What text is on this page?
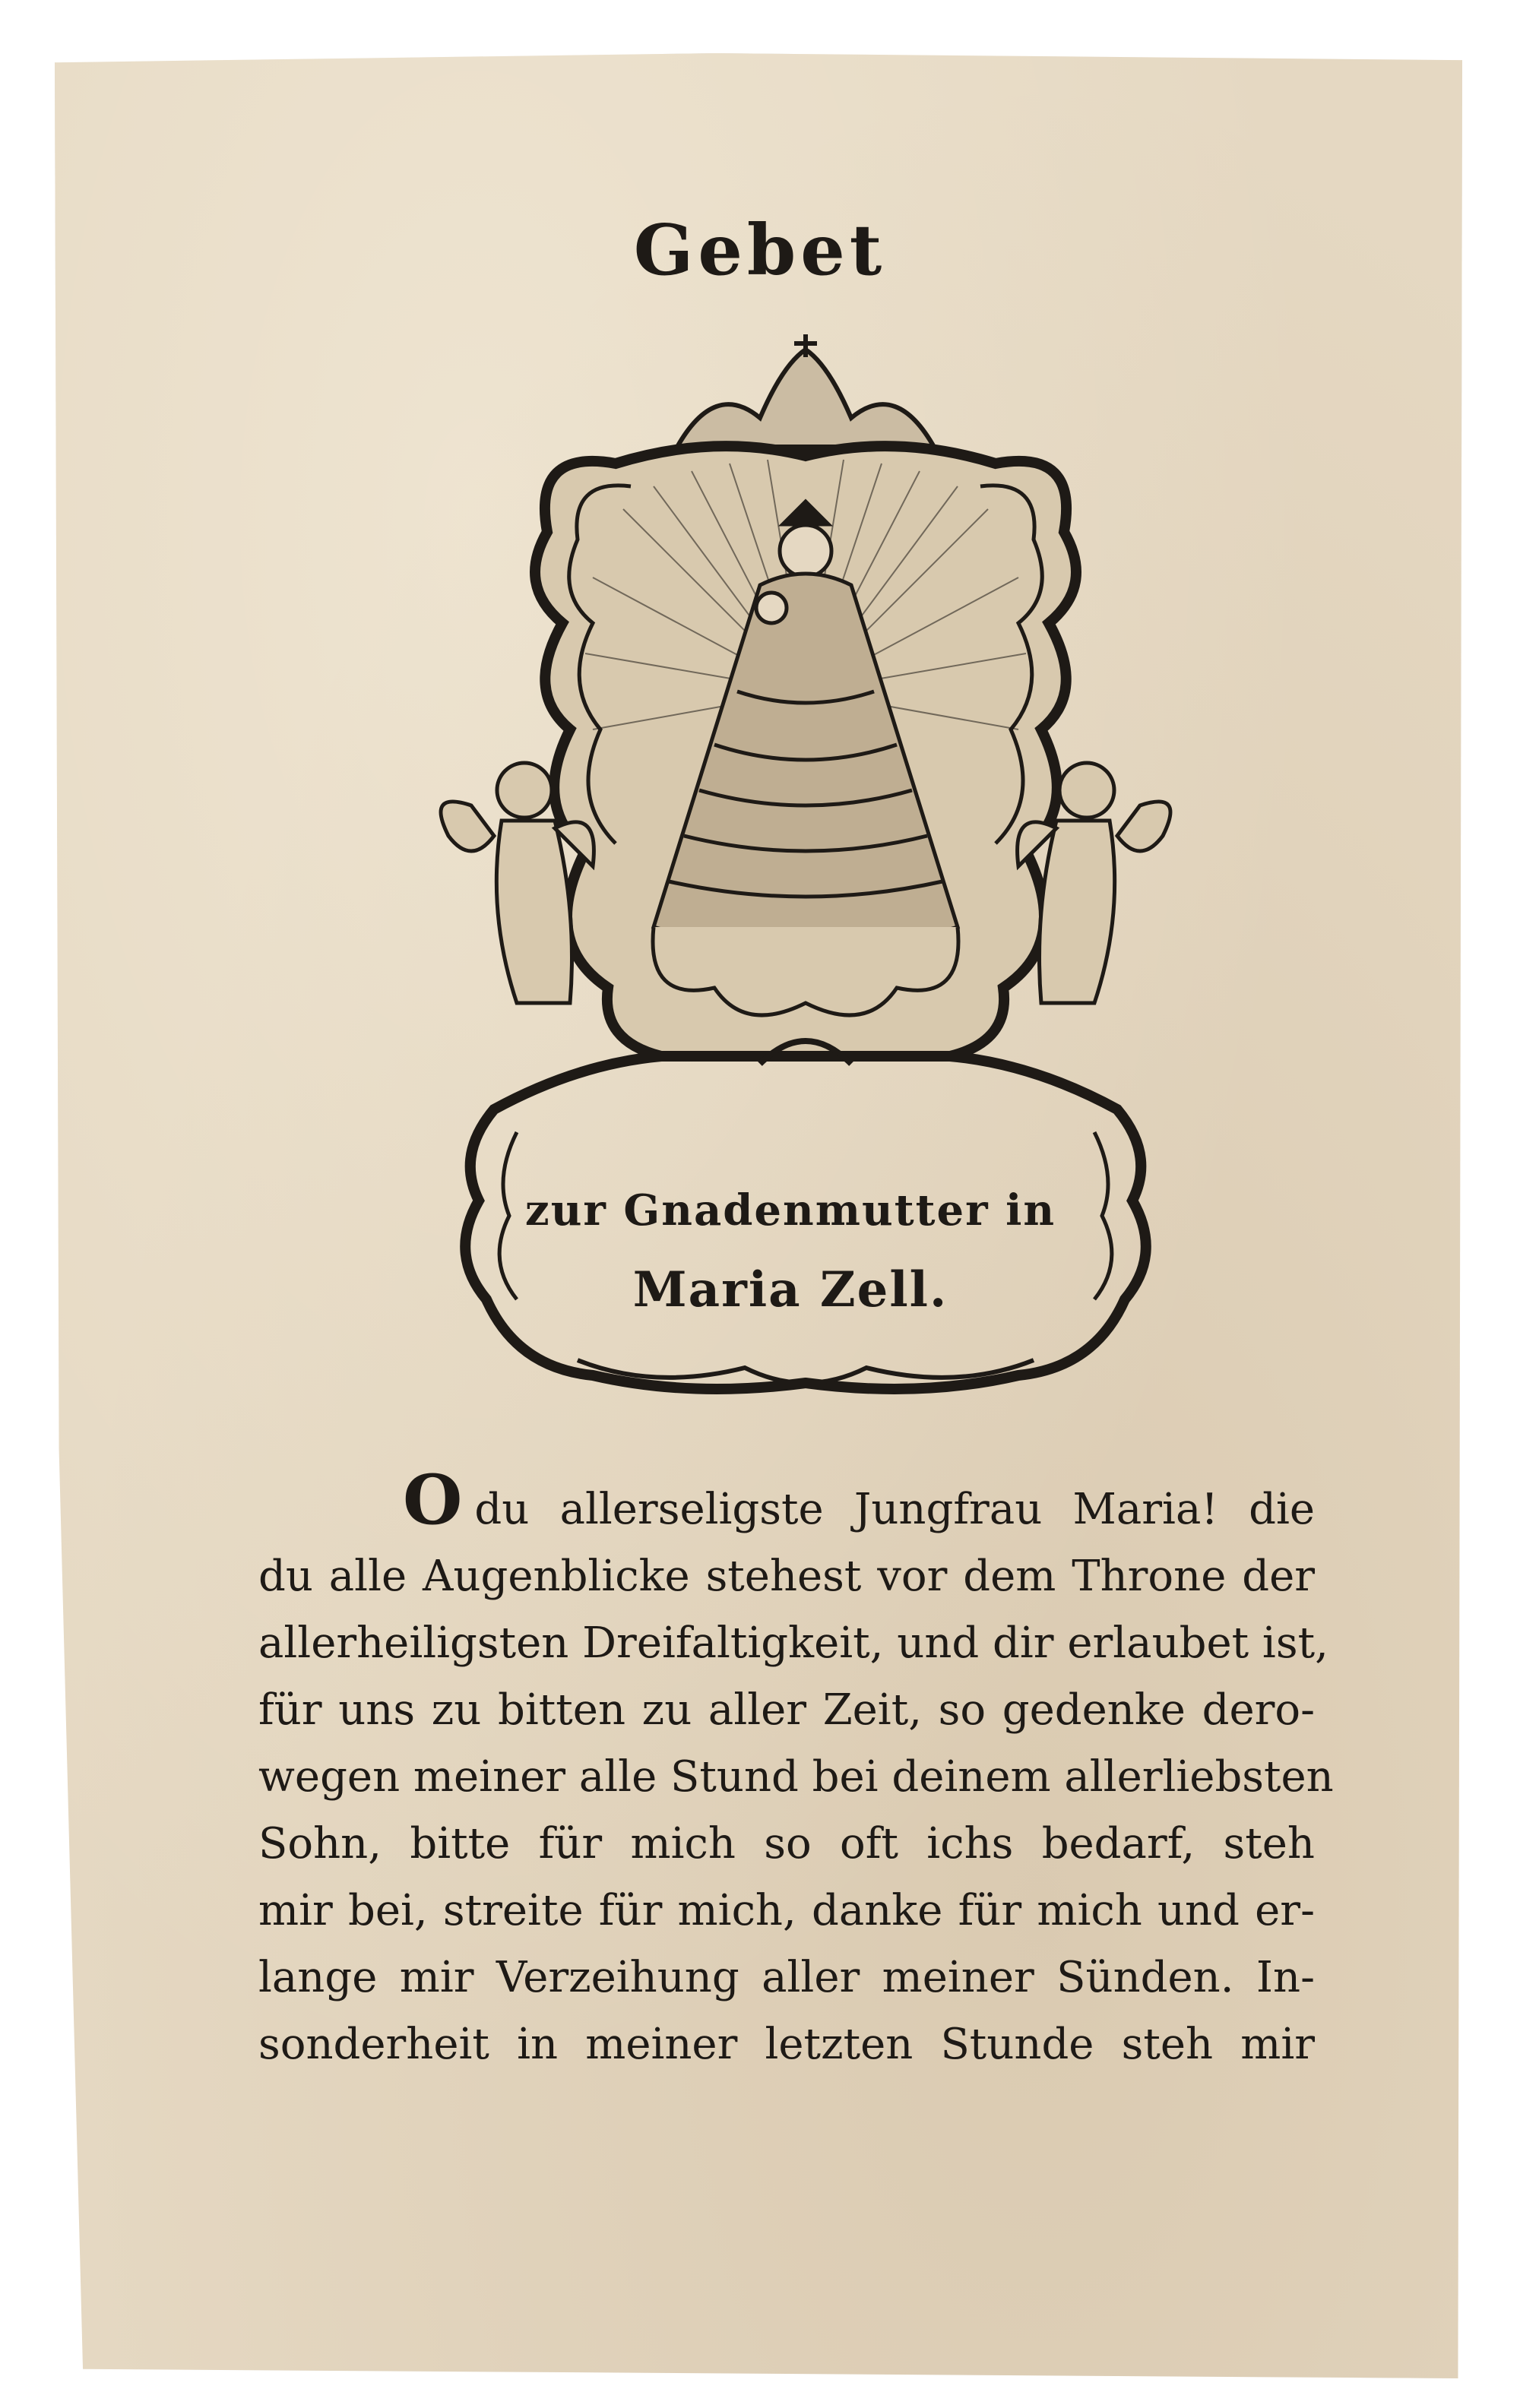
Gebet
zur Gnadenmutter in
Maria Zell.
Odu allerseligste Jungfrau Maria! die
du alle Augenblicke stehest vor dem Throne der
allerheiligsten Dreifaltigkeit, und dir erlaubet ist,
für uns zu bitten zu aller Zeit, so gedenke dero-
wegen meiner alle Stund bei deinem allerliebsten
Sohn, bitte für mich so oft ichs bedarf, steh
mir bei, streite für mich, danke für mich und er-
lange mir Verzeihung aller meiner Sünden. In-
sonderheit in meiner letzten Stunde steh mir
